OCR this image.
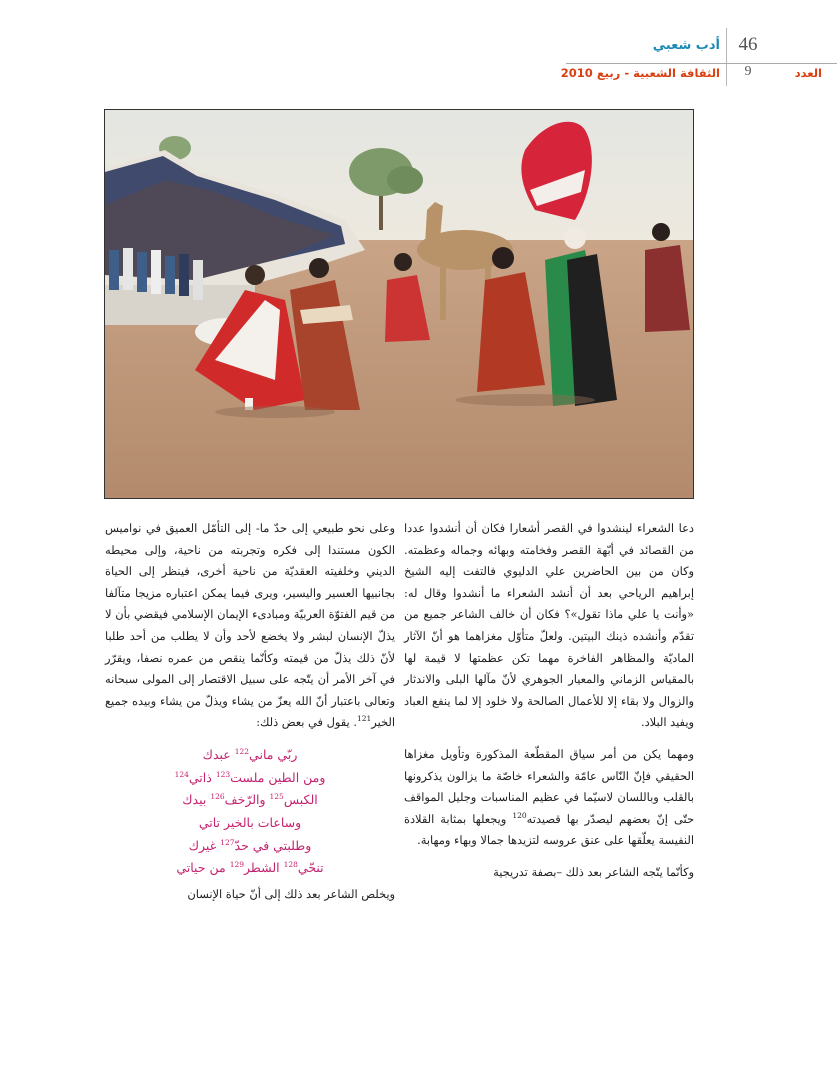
أدب شعبي 46
الثقافة الشعبية - ربيع 2010	9	العدد

دعا الشعراء لينشدوا في القصر أشعارا فكان أن أنشدوا عددا من القصائد في أبّهة القصر وفخامته وبهائه وجماله وعظمته. وكان من بين الحاضرين علي الدليوي فالتفت إليه الشيخ إبراهيم الرياحي بعد أن أنشد الشعراء ما أنشدوا وقال له: «وأنت يا علي ماذا تقول»؟ فكان أن خالف الشاعر جميع من تقدّم وأنشده ذينك البيتين. ولعلّ متأوّل مغزاهما هو أنّ الآثار الماديّة والمظاهر الفاخرة مهما تكن عظمتها لا قيمة لها بالمقياس الزماني والمعيار الجوهري لأنّ مآلها البلى والاندثار والزوال ولا بقاء إلا للأعمال الصالحة ولا خلود إلا لما ينفع العباد ويفيد البلاد.

ومهما يكن من أمر سياق المقطّعة المذكورة وتأويل مغزاها الحقيقي فإنّ النّاس عامّة والشعراء خاصّة ما يزالون يذكرونها بالقلب وباللسان لاسيّما في عظيم المناسبات وجليل المواقف حتّى إنّ بعضهم ليصدّر بها قصيدته$^{120}$ ويجعلها بمثابة القلادة النفيسة يعلّقها على عنق عروسه لتزيدها جمالا وبهاء ومهابة.

وكأنّما يتّجه الشاعر بعد ذلك –بصفة تدريجية

وعلى نحو طبيعي إلى حدّ ما- إلى التأمّل العميق في نواميس الكون مستندا إلى فكره وتجربته من ناحية، وإلى محيطه الديني وخلفيته العقديّة من ناحية أخرى، فينظر إلى الحياة بجانبيها العسير واليسير، ويرى فيما يمكن اعتباره مزيجا متآلفا من قيم الفتوّة العربيّة ومبادىء الإيمان الإسلامي فيقضي بأن لا يذلّ الإنسان لبشر ولا يخضع لأحد وأن لا يطلب من أحد طلبا لأنّ ذلك يذلّ من قيمته وكأنّما ينقص من عمره نصفا، ويقرّر في آخر الأمر أن يتّجه على سبيل الاقتصار إلى المولى سبحانه وتعالى باعتبار أنّ الله يعزّ من يشاء ويذلّ من يشاء وبيده جميع الخير$^{121}$. يقول في بعض ذلك:

ربّي ماني$^{122}$ عبدك
ومن الطين ملست$^{123}$ ذاتي$^{124}$
الكبس$^{125}$ والرّخف$^{126}$ بيدك
وساعات بالخير تاتي
وطلبتي في حدّ$^{127}$ غيرك
تنحّي$^{128}$ الشطر$^{129}$ من حياتي

ويخلص الشاعر بعد ذلك إلى أنّ حياة الإنسان
